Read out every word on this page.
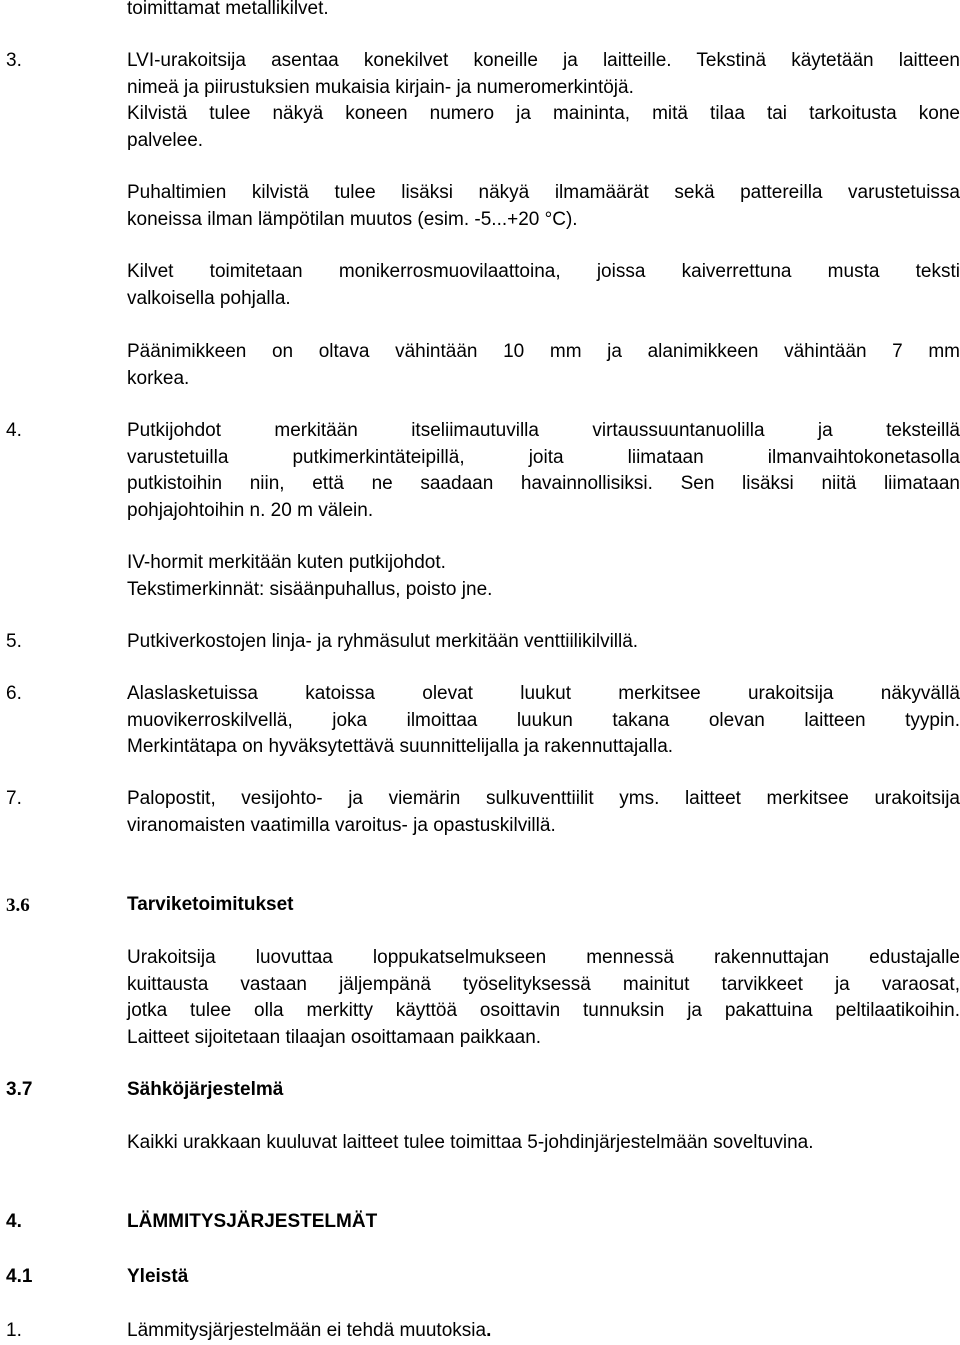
toimittamat metallikilvet.
3.	LVI-urakoitsija asentaa konekilvet koneille ja laitteille. Tekstinä käytetään laitteen
nimeä ja piirustuksien mukaisia kirjain- ja numeromerkintöjä.
Kilvistä tulee näkyä koneen numero ja maininta, mitä tilaa tai tarkoitusta kone
palvelee.
Puhaltimien kilvistä tulee lisäksi näkyä ilmamäärät sekä pattereilla varustetuissa
koneissa ilman lämpötilan muutos (esim. -5...+20 °C).
Kilvet toimitetaan monikerrosmuovilaattoina, joissa kaiverrettuna musta teksti
valkoisella pohjalla.
Päänimikkeen on oltava vähintään 10 mm ja alanimikkeen vähintään 7 mm
korkea.
4.	Putkijohdot merkitään itseliimautuvilla virtaussuuntanuolilla ja teksteillä
varustetuilla putkimerkintäteipillä, joita liimataan ilmanvaihtokonetasolla
putkistoihin niin, että ne saadaan havainnollisiksi. Sen lisäksi niitä liimataan
pohjajohtoihin n. 20 m välein.
IV-hormit merkitään kuten putkijohdot.
Tekstimerkinnät: sisäänpuhallus, poisto jne.
5.	Putkiverkostojen linja- ja ryhmäsulut merkitään venttiilikilvillä.
6.	Alaslasketuissa katoissa olevat luukut merkitsee urakoitsija näkyvällä
muovikerroskilvellä, joka ilmoittaa luukun takana olevan laitteen tyypin.
Merkintätapa on hyväksytettävä suunnittelijalla ja rakennuttajalla.
7.	Palopostit, vesijohto- ja viemärin sulkuventtiilit yms. laitteet merkitsee urakoitsija
viranomaisten vaatimilla varoitus- ja opastuskilvillä.
3.6	Tarviketoimitukset
Urakoitsija luovuttaa loppukatselmukseen mennessä rakennuttajan edustajalle
kuittausta vastaan jäljempänä työselityksessä mainitut tarvikkeet ja varaosat,
jotka tulee olla merkitty käyttöä osoittavin tunnuksin ja pakattuina peltilaatikoihin.
Laitteet sijoitetaan tilaajan osoittamaan paikkaan.
3.7	Sähköjärjestelmä
Kaikki urakkaan kuuluvat laitteet tulee toimittaa 5-johdinjärjestelmään soveltuvina.
4.	LÄMMITYSJÄRJESTELMÄT
4.1	Yleistä
1.	Lämmitysjärjestelmään ei tehdä muutoksia.
